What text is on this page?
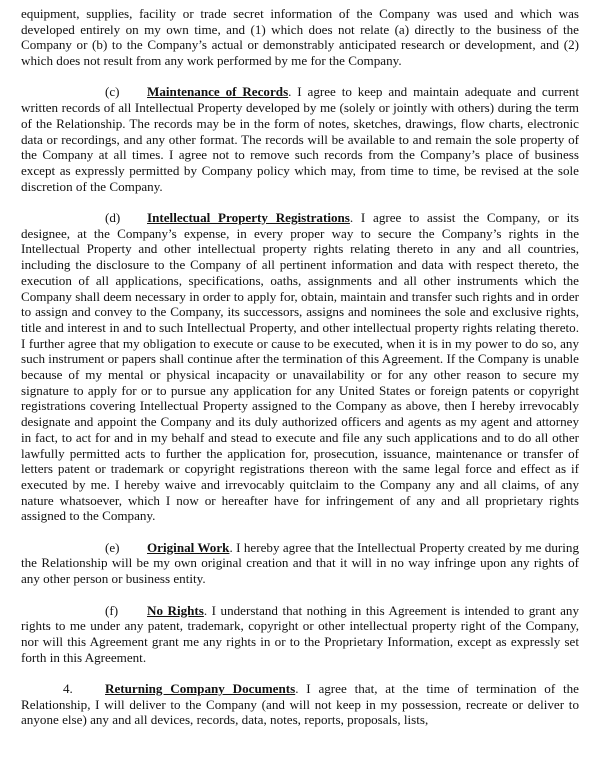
equipment, supplies, facility or trade secret information of the Company was used and which was developed entirely on my own time, and (1) which does not relate (a) directly to the business of the Company or (b) to the Company’s actual or demonstrably anticipated research or development, and (2) which does not result from any work performed by me for the Company.

(c) Maintenance of Records. I agree to keep and maintain adequate and current written records of all Intellectual Property developed by me (solely or jointly with others) during the term of the Relationship. The records may be in the form of notes, sketches, drawings, flow charts, electronic data or recordings, and any other format. The records will be available to and remain the sole property of the Company at all times. I agree not to remove such records from the Company’s place of business except as expressly permitted by Company policy which may, from time to time, be revised at the sole discretion of the Company.

(d) Intellectual Property Registrations. I agree to assist the Company, or its designee, at the Company’s expense, in every proper way to secure the Company’s rights in the Intellectual Property and other intellectual property rights relating thereto in any and all countries, including the disclosure to the Company of all pertinent information and data with respect thereto, the execution of all applications, specifications, oaths, assignments and all other instruments which the Company shall deem necessary in order to apply for, obtain, maintain and transfer such rights and in order to assign and convey to the Company, its successors, assigns and nominees the sole and exclusive rights, title and interest in and to such Intellectual Property, and other intellectual property rights relating thereto. I further agree that my obligation to execute or cause to be executed, when it is in my power to do so, any such instrument or papers shall continue after the termination of this Agreement. If the Company is unable because of my mental or physical incapacity or unavailability or for any other reason to secure my signature to apply for or to pursue any application for any United States or foreign patents or copyright registrations covering Intellectual Property assigned to the Company as above, then I hereby irrevocably designate and appoint the Company and its duly authorized officers and agents as my agent and attorney in fact, to act for and in my behalf and stead to execute and file any such applications and to do all other lawfully permitted acts to further the application for, prosecution, issuance, maintenance or transfer of letters patent or trademark or copyright registrations thereon with the same legal force and effect as if executed by me. I hereby waive and irrevocably quitclaim to the Company any and all claims, of any nature whatsoever, which I now or hereafter have for infringement of any and all proprietary rights assigned to the Company.

(e) Original Work. I hereby agree that the Intellectual Property created by me during the Relationship will be my own original creation and that it will in no way infringe upon any rights of any other person or business entity.

(f) No Rights. I understand that nothing in this Agreement is intended to grant any rights to me under any patent, trademark, copyright or other intellectual property right of the Company, nor will this Agreement grant me any rights in or to the Proprietary Information, except as expressly set forth in this Agreement.

4. Returning Company Documents. I agree that, at the time of termination of the Relationship, I will deliver to the Company (and will not keep in my possession, recreate or deliver to anyone else) any and all devices, records, data, notes, reports, proposals, lists,
